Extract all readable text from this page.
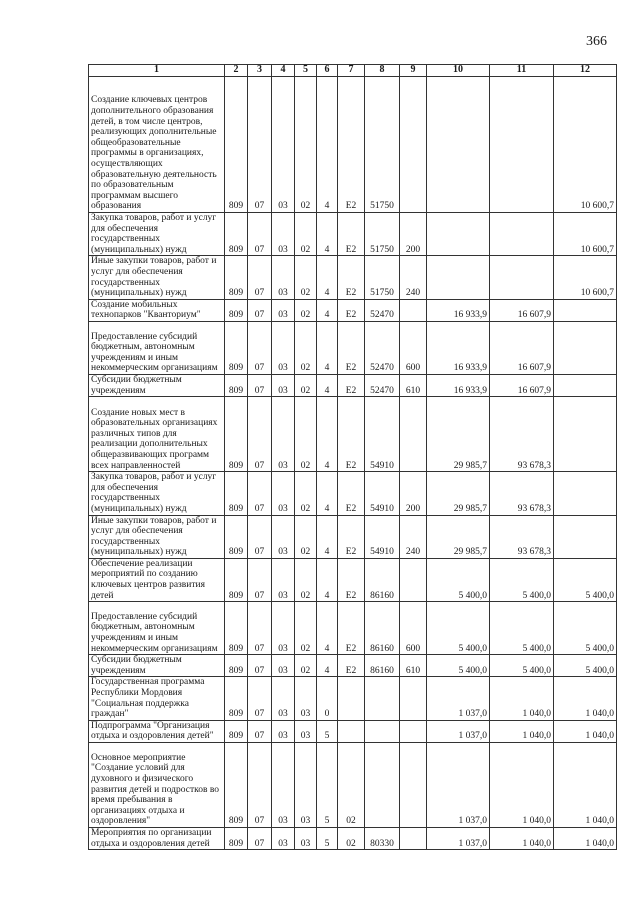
366
1	2	3	4	5	6	7	8	9	10	11	12
Создание ключевых центров дополнительного образования детей, в том числе центров, реализующих дополнительные общеобразовательные программы в организациях, осуществляющих образовательную деятельность по образовательным программам высшего образования	809	07	03	02	4	E2	51750				10 600,7
Закупка товаров, работ и услуг для обеспечения государственных (муниципальных) нужд	809	07	03	02	4	E2	51750	200			10 600,7
Иные закупки товаров, работ и услуг для обеспечения государственных (муниципальных) нужд	809	07	03	02	4	E2	51750	240			10 600,7
Создание мобильных технопарков "Кванториум"	809	07	03	02	4	E2	52470		16 933,9	16 607,9	
Предоставление субсидий бюджетным, автономным учреждениям и иным некоммерческим организациям	809	07	03	02	4	E2	52470	600	16 933,9	16 607,9	
Субсидии бюджетным учреждениям	809	07	03	02	4	E2	52470	610	16 933,9	16 607,9	
Создание новых мест в образовательных организациях различных типов для реализации дополнительных общеразвивающих программ всех направленностей	809	07	03	02	4	E2	54910		29 985,7	93 678,3	
Закупка товаров, работ и услуг для обеспечения государственных (муниципальных) нужд	809	07	03	02	4	E2	54910	200	29 985,7	93 678,3	
Иные закупки товаров, работ и услуг для обеспечения государственных (муниципальных) нужд	809	07	03	02	4	E2	54910	240	29 985,7	93 678,3	
Обеспечение реализации мероприятий по созданию ключевых центров развития детей	809	07	03	02	4	E2	86160		5 400,0	5 400,0	5 400,0
Предоставление субсидий бюджетным, автономным учреждениям и иным некоммерческим организациям	809	07	03	02	4	E2	86160	600	5 400,0	5 400,0	5 400,0
Субсидии бюджетным учреждениям	809	07	03	02	4	E2	86160	610	5 400,0	5 400,0	5 400,0
Государственная программа Республики Мордовия "Социальная поддержка граждан"	809	07	03	03	0				1 037,0	1 040,0	1 040,0
Подпрограмма "Организация отдыха и оздоровления детей"	809	07	03	03	5				1 037,0	1 040,0	1 040,0
Основное мероприятие "Создание условий для духовного и физического развития детей и подростков во время пребывания в организациях отдыха и оздоровления"	809	07	03	03	5	02			1 037,0	1 040,0	1 040,0
Мероприятия по организации отдыха и оздоровления детей	809	07	03	03	5	02	80330		1 037,0	1 040,0	1 040,0
